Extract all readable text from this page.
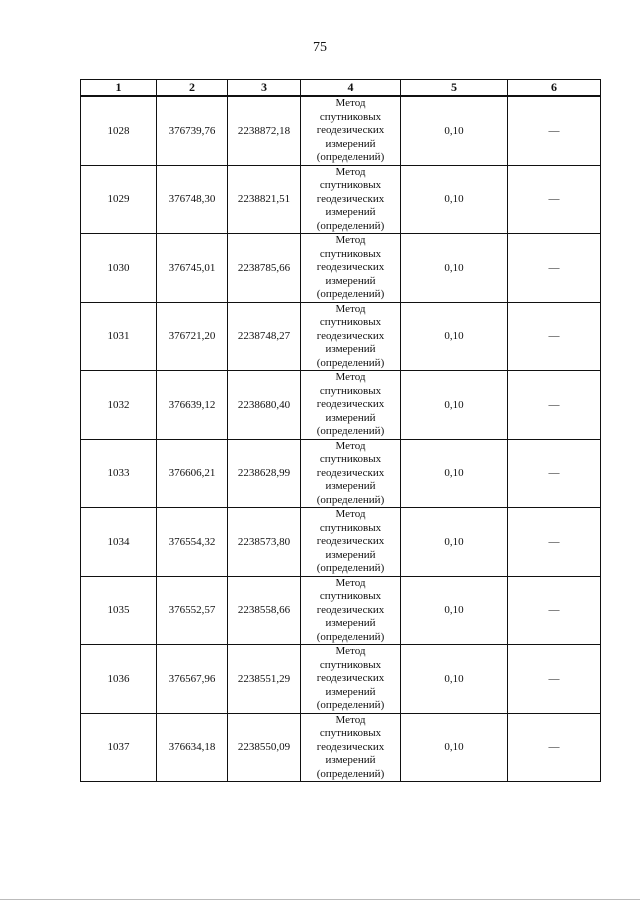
75
1	2	3	4	5	6
1028	376739,76	2238872,18	Метод
спутниковых
геодезических
измерений
(определений)	0,10	—
1029	376748,30	2238821,51	Метод
спутниковых
геодезических
измерений
(определений)	0,10	—
1030	376745,01	2238785,66	Метод
спутниковых
геодезических
измерений
(определений)	0,10	—
1031	376721,20	2238748,27	Метод
спутниковых
геодезических
измерений
(определений)	0,10	—
1032	376639,12	2238680,40	Метод
спутниковых
геодезических
измерений
(определений)	0,10	—
1033	376606,21	2238628,99	Метод
спутниковых
геодезических
измерений
(определений)	0,10	—
1034	376554,32	2238573,80	Метод
спутниковых
геодезических
измерений
(определений)	0,10	—
1035	376552,57	2238558,66	Метод
спутниковых
геодезических
измерений
(определений)	0,10	—
1036	376567,96	2238551,29	Метод
спутниковых
геодезических
измерений
(определений)	0,10	—
1037	376634,18	2238550,09	Метод
спутниковых
геодезических
измерений
(определений)	0,10	—
